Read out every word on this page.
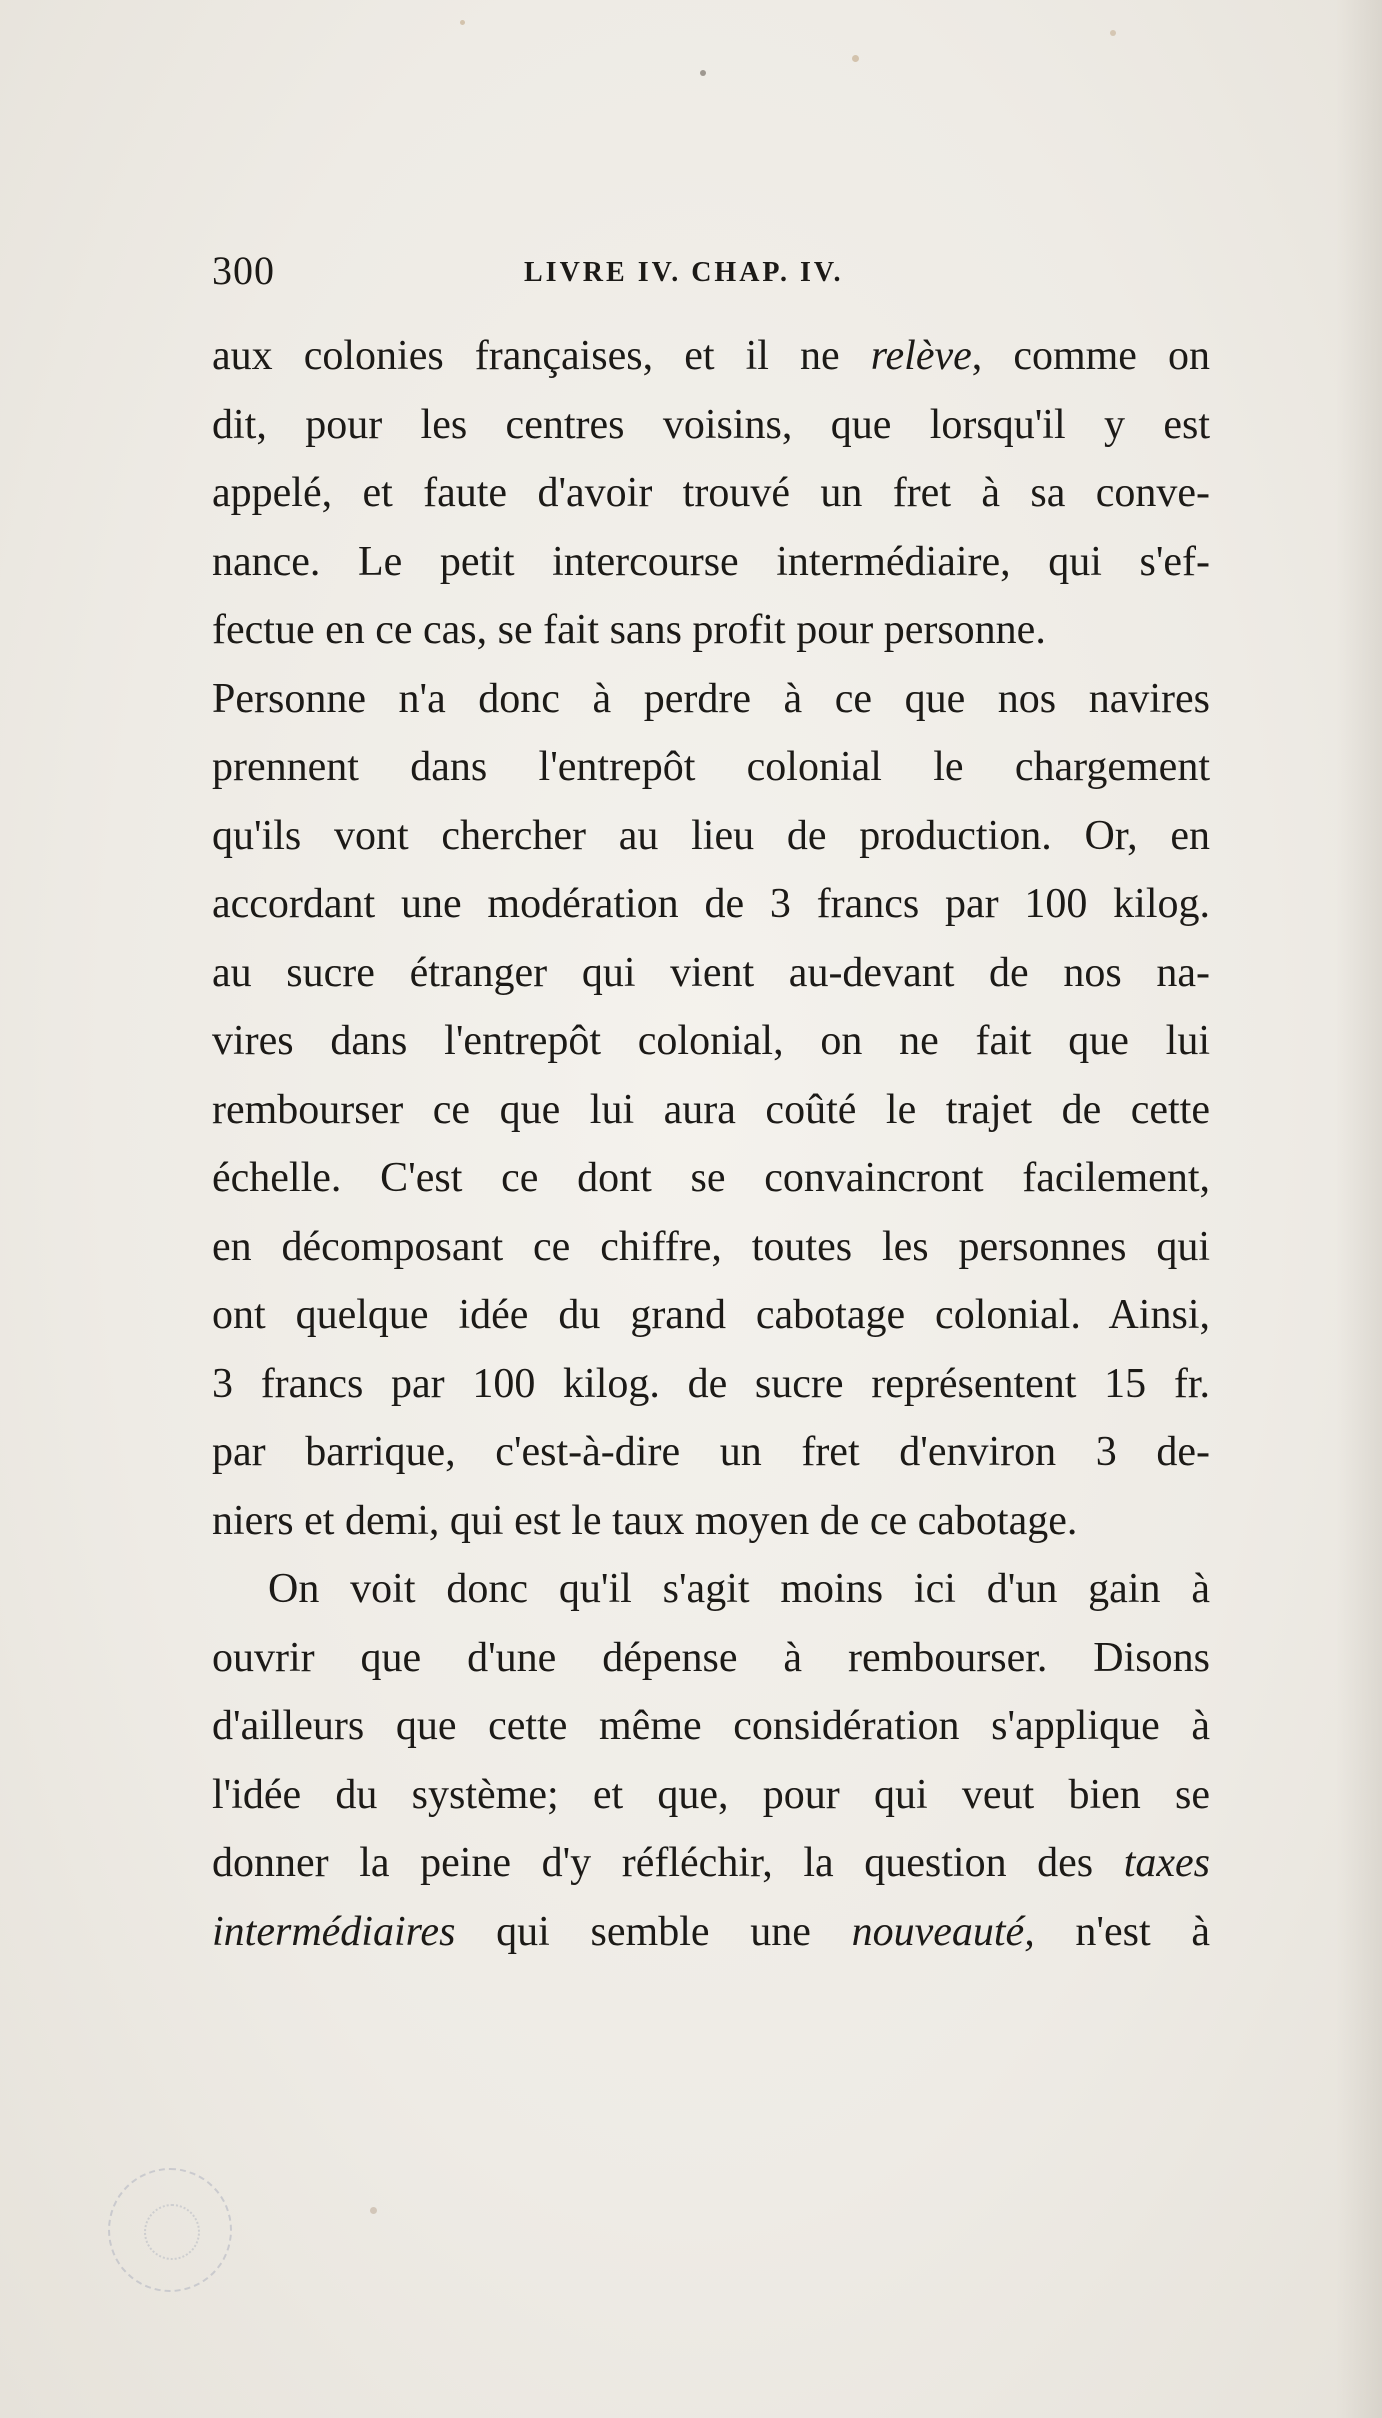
300	LIVRE IV. CHAP. IV.
aux colonies françaises, et il ne relève, comme on
dit, pour les centres voisins, que lorsqu'il y est
appelé, et faute d'avoir trouvé un fret à sa conve-
nance. Le petit intercourse intermédiaire, qui s'ef-
fectue en ce cas, se fait sans profit pour personne.
Personne n'a donc à perdre à ce que nos navires
prennent dans l'entrepôt colonial le chargement
qu'ils vont chercher au lieu de production. Or, en
accordant une modération de 3 francs par 100 kilog.
au sucre étranger qui vient au-devant de nos na-
vires dans l'entrepôt colonial, on ne fait que lui
rembourser ce que lui aura coûté le trajet de cette
échelle. C'est ce dont se convaincront facilement,
en décomposant ce chiffre, toutes les personnes qui
ont quelque idée du grand cabotage colonial. Ainsi,
3 francs par 100 kilog. de sucre représentent 15 fr.
par barrique, c'est-à-dire un fret d'environ 3 de-
niers et demi, qui est le taux moyen de ce cabotage.
On voit donc qu'il s'agit moins ici d'un gain à
ouvrir que d'une dépense à rembourser. Disons
d'ailleurs que cette même considération s'applique à
l'idée du système; et que, pour qui veut bien se
donner la peine d'y réfléchir, la question des taxes
intermédiaires qui semble une nouveauté, n'est à
